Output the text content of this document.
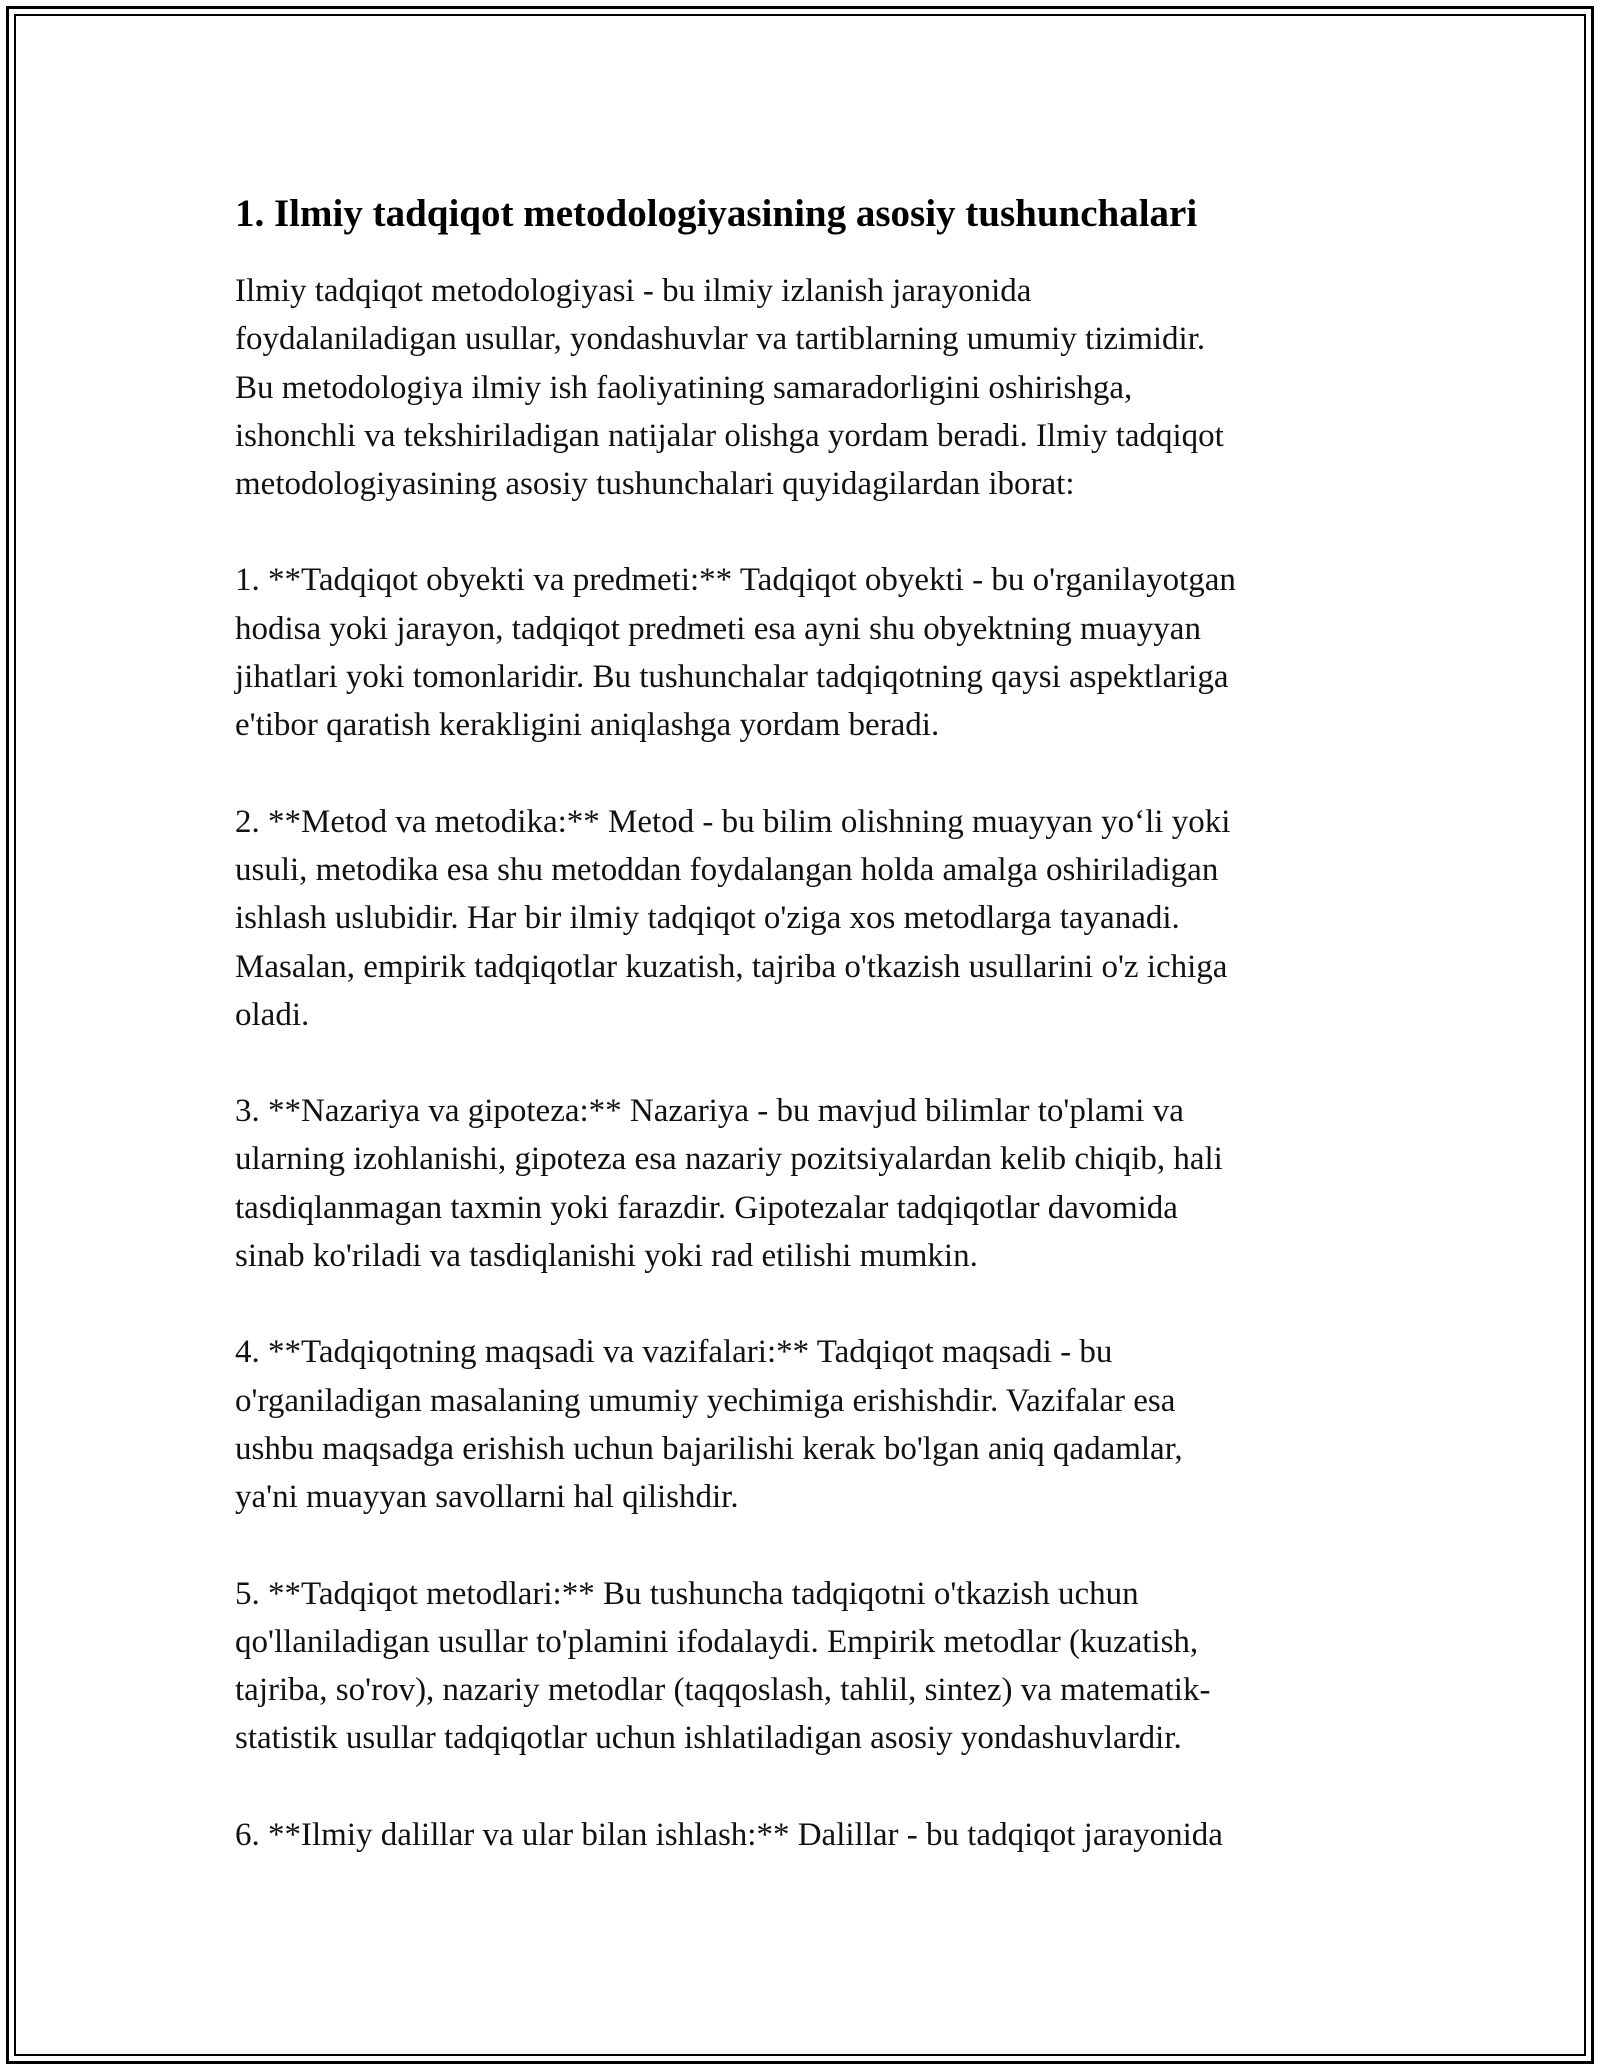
1. Ilmiy tadqiqot metodologiyasining asosiy tushunchalari

Ilmiy tadqiqot metodologiyasi - bu ilmiy izlanish jarayonida
foydalaniladigan usullar, yondashuvlar va tartiblarning umumiy tizimidir.
Bu metodologiya ilmiy ish faoliyatining samaradorligini oshirishga,
ishonchli va tekshiriladigan natijalar olishga yordam beradi. Ilmiy tadqiqot
metodologiyasining asosiy tushunchalari quyidagilardan iborat:

1. **Tadqiqot obyekti va predmeti:** Tadqiqot obyekti - bu o'rganilayotgan
hodisa yoki jarayon, tadqiqot predmeti esa ayni shu obyektning muayyan
jihatlari yoki tomonlaridir. Bu tushunchalar tadqiqotning qaysi aspektlariga
e'tibor qaratish kerakligini aniqlashga yordam beradi.

2. **Metod va metodika:** Metod - bu bilim olishning muayyan yo‘li yoki
usuli, metodika esa shu metoddan foydalangan holda amalga oshiriladigan
ishlash uslubidir. Har bir ilmiy tadqiqot o'ziga xos metodlarga tayanadi.
Masalan, empirik tadqiqotlar kuzatish, tajriba o'tkazish usullarini o'z ichiga
oladi.

3. **Nazariya va gipoteza:** Nazariya - bu mavjud bilimlar to'plami va
ularning izohlanishi, gipoteza esa nazariy pozitsiyalardan kelib chiqib, hali
tasdiqlanmagan taxmin yoki farazdir. Gipotezalar tadqiqotlar davomida
sinab ko'riladi va tasdiqlanishi yoki rad etilishi mumkin.

4. **Tadqiqotning maqsadi va vazifalari:** Tadqiqot maqsadi - bu
o'rganiladigan masalaning umumiy yechimiga erishishdir. Vazifalar esa
ushbu maqsadga erishish uchun bajarilishi kerak bo'lgan aniq qadamlar,
ya'ni muayyan savollarni hal qilishdir.

5. **Tadqiqot metodlari:** Bu tushuncha tadqiqotni o'tkazish uchun
qo'llaniladigan usullar to'plamini ifodalaydi. Empirik metodlar (kuzatish,
tajriba, so'rov), nazariy metodlar (taqqoslash, tahlil, sintez) va matematik-
statistik usullar tadqiqotlar uchun ishlatiladigan asosiy yondashuvlardir.

6. **Ilmiy dalillar va ular bilan ishlash:** Dalillar - bu tadqiqot jarayonida
